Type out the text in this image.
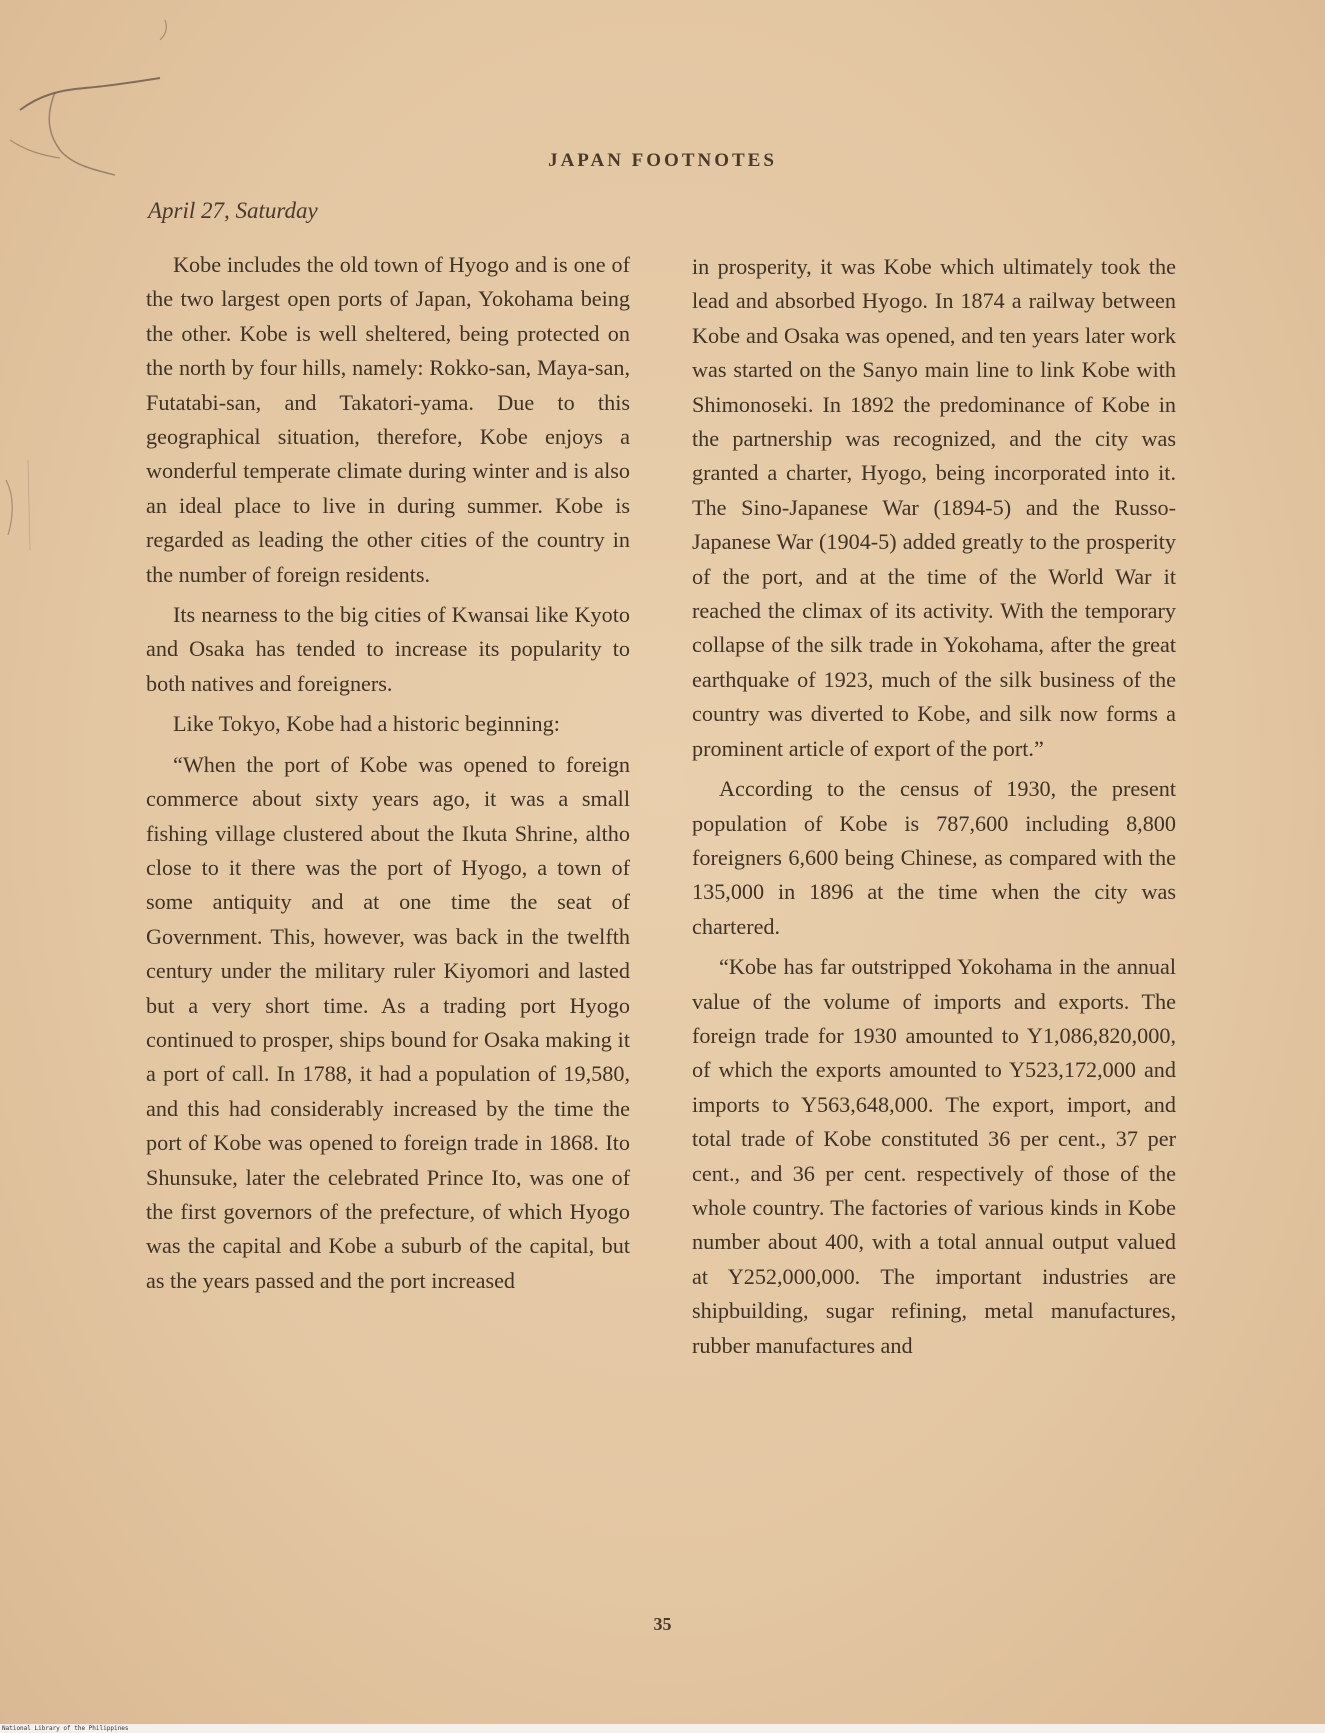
JAPAN FOOTNOTES
April 27, Saturday

Kobe includes the old town of Hyogo and is one of the two largest open ports of Japan, Yokohama being the other. Kobe is well sheltered, being protected on the north by four hills, namely: Rokko-san, Maya-san, Futatabi-san, and Takatori-yama. Due to this geographical situation, therefore, Kobe enjoys a wonderful temperate climate during winter and is also an ideal place to live in during summer. Kobe is regarded as leading the other cities of the country in the number of foreign residents.

Its nearness to the big cities of Kwansai like Kyoto and Osaka has tended to increase its popularity to both natives and foreigners.

Like Tokyo, Kobe had a historic beginning:

“When the port of Kobe was opened to foreign commerce about sixty years ago, it was a small fishing village clustered about the Ikuta Shrine, altho close to it there was the port of Hyogo, a town of some antiquity and at one time the seat of Government. This, however, was back in the twelfth century under the military ruler Kiyomori and lasted but a very short time. As a trading port Hyogo continued to prosper, ships bound for Osaka making it a port of call. In 1788, it had a population of 19,580, and this had considerably increased by the time the port of Kobe was opened to foreign trade in 1868. Ito Shunsuke, later the celebrated Prince Ito, was one of the first governors of the prefecture, of which Hyogo was the capital and Kobe a suburb of the capital, but as the years passed and the port increased

in prosperity, it was Kobe which ultimately took the lead and absorbed Hyogo. In 1874 a railway between Kobe and Osaka was opened, and ten years later work was started on the Sanyo main line to link Kobe with Shimonoseki. In 1892 the predominance of Kobe in the partnership was recognized, and the city was granted a charter, Hyogo, being incorporated into it. The Sino-Japanese War (1894-5) and the Russo-Japanese War (1904-5) added greatly to the prosperity of the port, and at the time of the World War it reached the climax of its activity. With the temporary collapse of the silk trade in Yokohama, after the great earthquake of 1923, much of the silk business of the country was diverted to Kobe, and silk now forms a prominent article of export of the port.”

According to the census of 1930, the present population of Kobe is 787,600 including 8,800 foreigners 6,600 being Chinese, as compared with the 135,000 in 1896 at the time when the city was chartered.

“Kobe has far outstripped Yokohama in the annual value of the volume of imports and exports. The foreign trade for 1930 amounted to Y1,086,820,000, of which the exports amounted to Y523,172,000 and imports to Y563,648,000. The export, import, and total trade of Kobe constituted 36 per cent., 37 per cent., and 36 per cent. respectively of those of the whole country. The factories of various kinds in Kobe number about 400, with a total annual output valued at Y252,000,000. The important industries are shipbuilding, sugar refining, metal manufactures, rubber manufactures and

35
National Library of the Philippines
